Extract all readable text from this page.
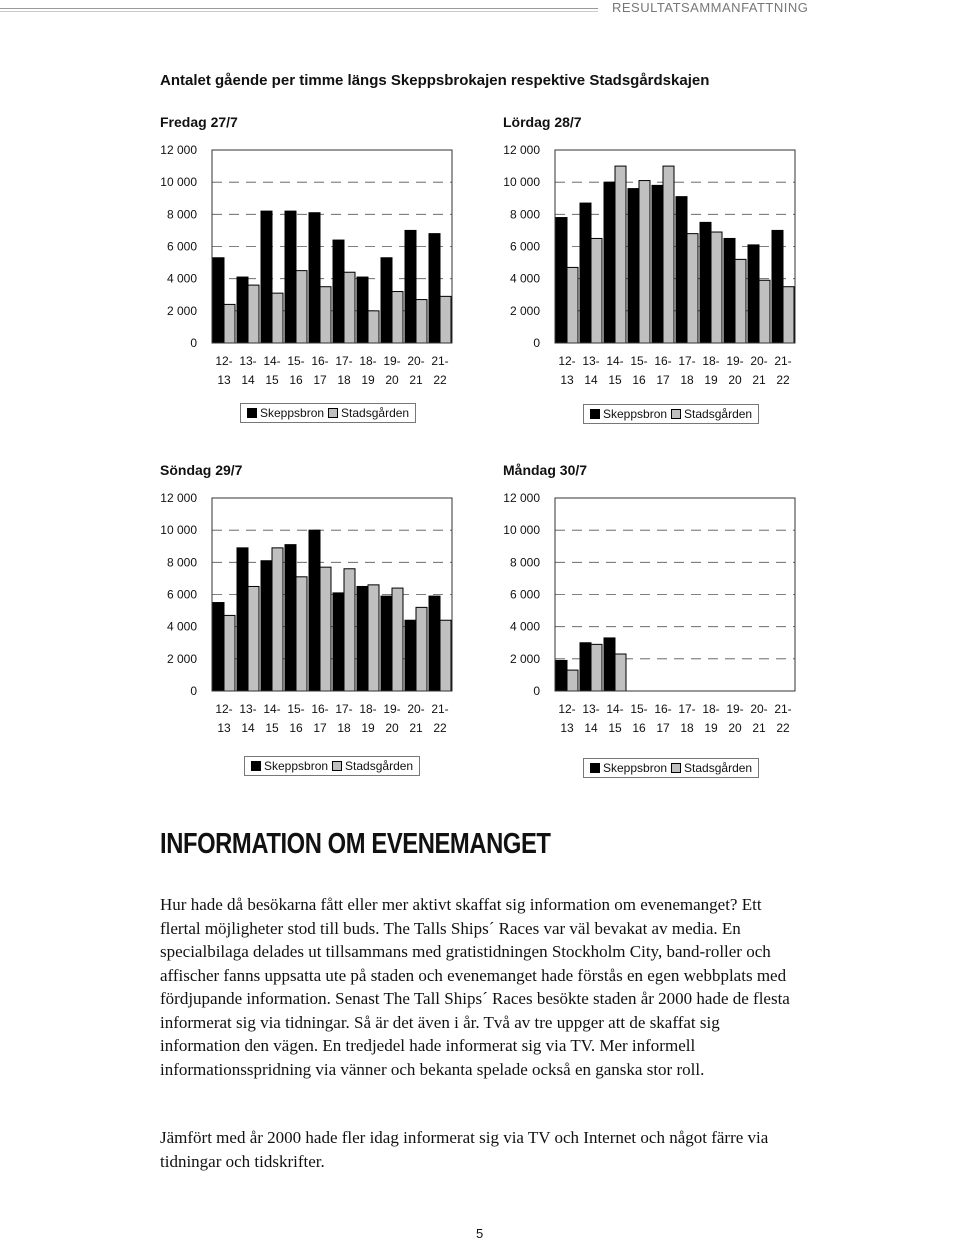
RESULTATSAMMANFATTNING
Antalet gående per timme längs Skeppsbrokajen respektive Stadsgårdskajen
Fredag 27/7
0
2 000
4 000
6 000
8 000
10 000
12 000
12-13
13-14
14-15
15-16
16-17
17-18
18-19
19-20
20-21
21-22
Skeppsbron Stadsgården
Lördag 28/7
0
2 000
4 000
6 000
8 000
10 000
12 000
12-13
13-14
14-15
15-16
16-17
17-18
18-19
19-20
20-21
21-22
Skeppsbron Stadsgården
Söndag 29/7
0
2 000
4 000
6 000
8 000
10 000
12 000
12-13
13-14
14-15
15-16
16-17
17-18
18-19
19-20
20-21
21-22
Skeppsbron Stadsgården
Måndag 30/7
0
2 000
4 000
6 000
8 000
10 000
12 000
12-13
13-14
14-15
15-16
16-17
17-18
18-19
19-20
20-21
21-22
Skeppsbron Stadsgården
INFORMATION OM EVENEMANGET
Hur hade då besökarna fått eller mer aktivt skaffat sig information om evenemanget? Ett flertal möjligheter stod till buds. The Talls Ships´ Races var väl bevakat av media. En specialbilaga delades ut tillsammans med gratistidningen Stockholm City, band-roller och affischer fanns uppsatta ute på staden och evenemanget hade förstås en egen webbplats med fördjupande information. Senast The Tall Ships´ Races besökte staden år 2000 hade de flesta informerat sig via tidningar. Så är det även i år. Två av tre uppger att de skaffat sig information den vägen. En tredjedel hade informerat sig via TV. Mer informell informationsspridning via vänner och bekanta spelade också en ganska stor roll.
Jämfört med år 2000 hade fler idag informerat sig via TV och Internet och något färre via tidningar och tidskrifter.
5
